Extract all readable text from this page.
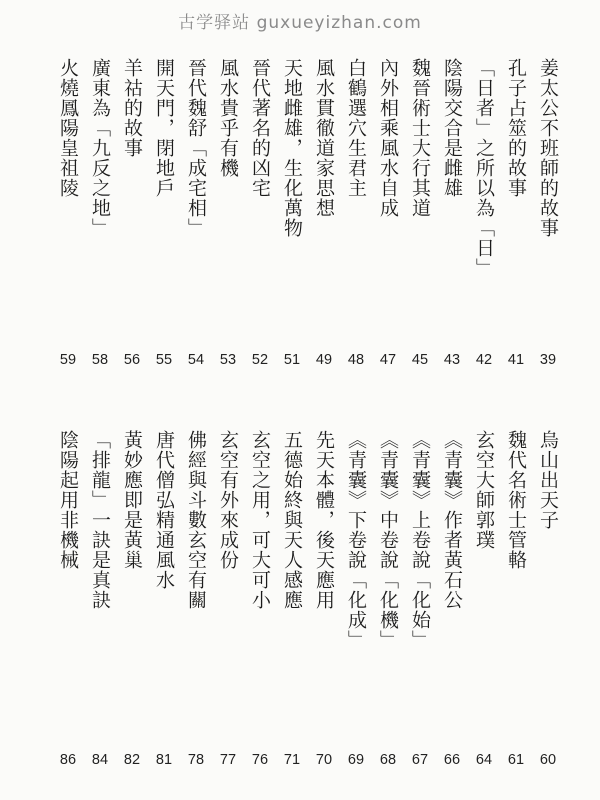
古学驿站 guxueyizhan.com
姜太公不班師的故事
39
孔子占筮的故事
41
「日者」之所以為「日」
42
陰陽交合是雌雄
43
魏晉術士大行其道
45
內外相乘風水自成
47
白鶴選穴生君主
48
風水貫徹道家思想
49
天地雌雄，生化萬物
51
晉代著名的凶宅
52
風水貴乎有機
53
晉代魏舒「成宅相」
54
開天門，閉地戶
55
羊祜的故事
56
廣東為「九反之地」
58
火燒鳳陽皇祖陵
59
烏山出天子
60
魏代名術士管輅
61
玄空大師郭璞
64
《青囊》作者黃石公
66
《青囊》上卷說「化始」
67
《青囊》中卷說「化機」
68
《青囊》下卷說「化成」
69
先天本體，後天應用
70
五德始終與天人感應
71
玄空之用，可大可小
76
玄空有外來成份
77
佛經與斗數玄空有關
78
唐代僧弘精通風水
81
黃妙應即是黃巢
82
「排龍」一訣是真訣
84
陰陽起用非機械
86
